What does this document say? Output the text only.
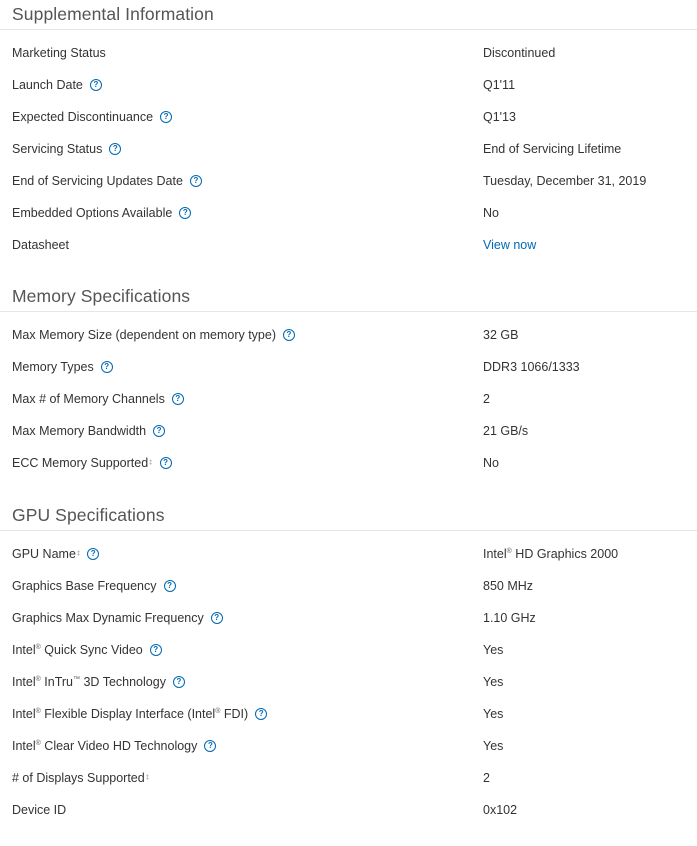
Supplemental Information
Marketing Status	Discontinued
Launch Date	?	Q1'11
Expected Discontinuance	?	Q1'13
Servicing Status	?	End of Servicing Lifetime
End of Servicing Updates Date	?	Tuesday, December 31, 2019
Embedded Options Available	?	No
Datasheet	View now
Memory Specifications
Max Memory Size (dependent on memory type)	?	32 GB
Memory Types	?	DDR3 1066/1333
Max # of Memory Channels	?	2
Max Memory Bandwidth	?	21 GB/s
ECC Memory Supported ‡	?	No
GPU Specifications
GPU Name ‡	?	Intel® HD Graphics 2000
Graphics Base Frequency	?	850 MHz
Graphics Max Dynamic Frequency	?	1.10 GHz
Intel® Quick Sync Video	?	Yes
Intel® InTru™ 3D Technology	?	Yes
Intel® Flexible Display Interface (Intel® FDI)	?	Yes
Intel® Clear Video HD Technology	?	Yes
# of Displays Supported ‡	2
Device ID	0x102
